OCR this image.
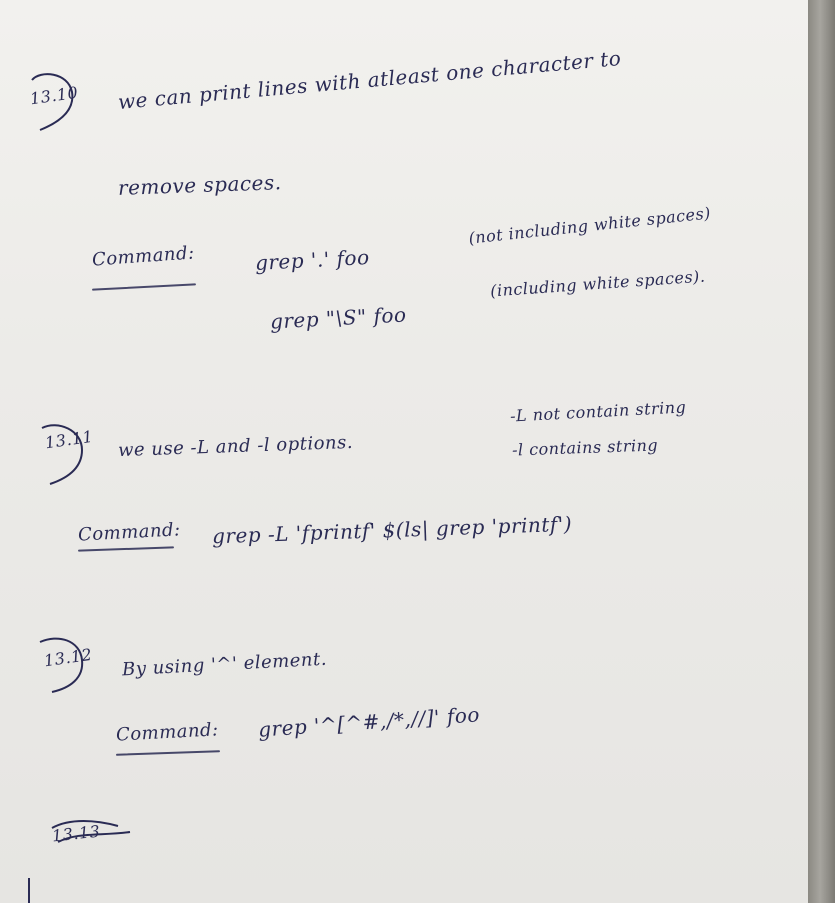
13.10 we can print lines with atleast one character to
remove spaces.
Command:	grep '.' foo
(not including white spaces)
grep "\S" foo
(including white spaces).
13.11 we use -L and -l options.
-L not contain string
-l contains string
Command: grep -L 'fprintf' $(ls| grep 'printf')
13.12 By using '^' element.
Command: grep '^[^#,/*,//]' foo
13.13
